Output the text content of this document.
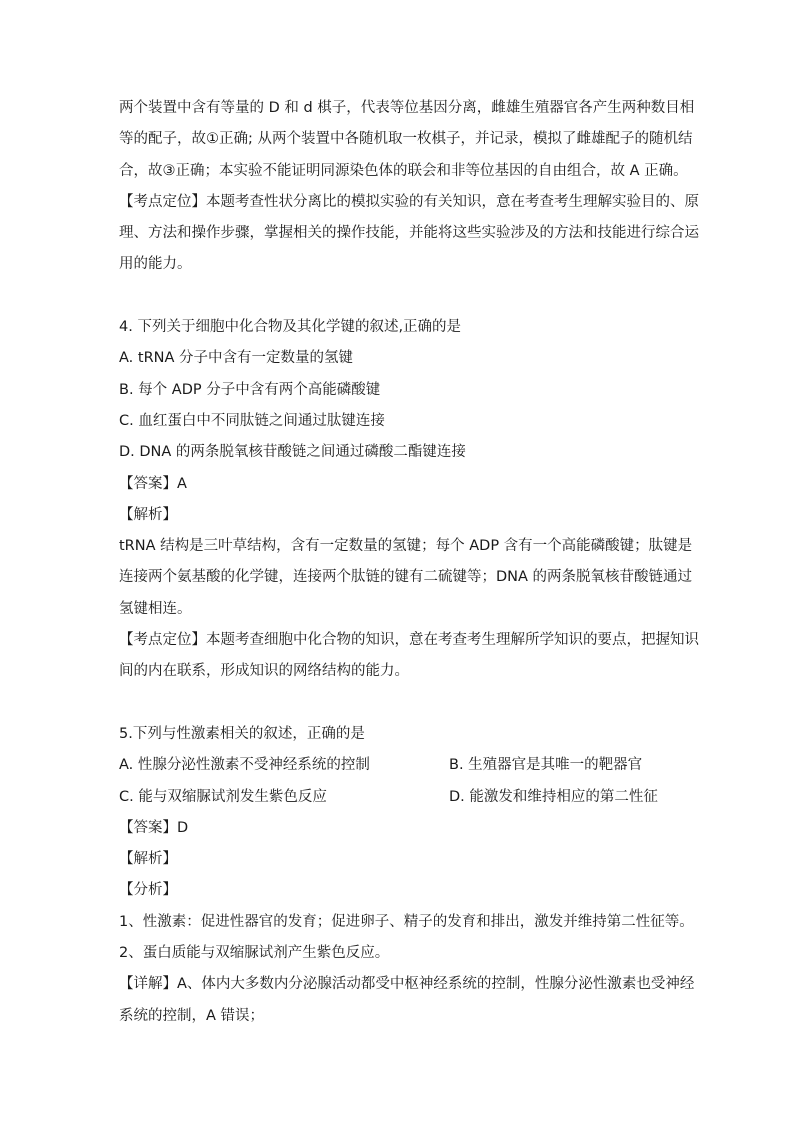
两个装置中含有等量的 D 和 d 棋子，代表等位基因分离，雌雄生殖器官各产生两种数目相
等的配子，故①正确; 从两个装置中各随机取一枚棋子，并记录，模拟了雌雄配子的随机结
合，故③正确；本实验不能证明同源染色体的联会和非等位基因的自由组合，故 A 正确。
【考点定位】本题考查性状分离比的模拟实验的有关知识，意在考查考生理解实验目的、原
理、方法和操作步骤，掌握相关的操作技能，并能将这些实验涉及的方法和技能进行综合运
用的能力。
4. 下列关于细胞中化合物及其化学键的叙述,正确的是
A. tRNA 分子中含有一定数量的氢键
B. 每个 ADP 分子中含有两个高能磷酸键
C. 血红蛋白中不同肽链之间通过肽键连接
D. DNA 的两条脱氧核苷酸链之间通过磷酸二酯键连接
【答案】A
【解析】
tRNA 结构是三叶草结构，含有一定数量的氢键；每个 ADP 含有一个高能磷酸键；肽键是
连接两个氨基酸的化学键，连接两个肽链的键有二硫键等；DNA 的两条脱氧核苷酸链通过
氢键相连。
【考点定位】本题考查细胞中化合物的知识，意在考查考生理解所学知识的要点，把握知识
间的内在联系，形成知识的网络结构的能力。
5.下列与性激素相关的叙述，正确的是
A. 性腺分泌性激素不受神经系统的控制	B. 生殖器官是其唯一的靶器官
C. 能与双缩脲试剂发生紫色反应	D. 能激发和维持相应的第二性征
【答案】D
【解析】
【分析】
1、性激素：促进性器官的发育；促进卵子、精子的发育和排出，激发并维持第二性征等。
2、蛋白质能与双缩脲试剂产生紫色反应。
【详解】A、体内大多数内分泌腺活动都受中枢神经系统的控制，性腺分泌性激素也受神经
系统的控制，A 错误；
